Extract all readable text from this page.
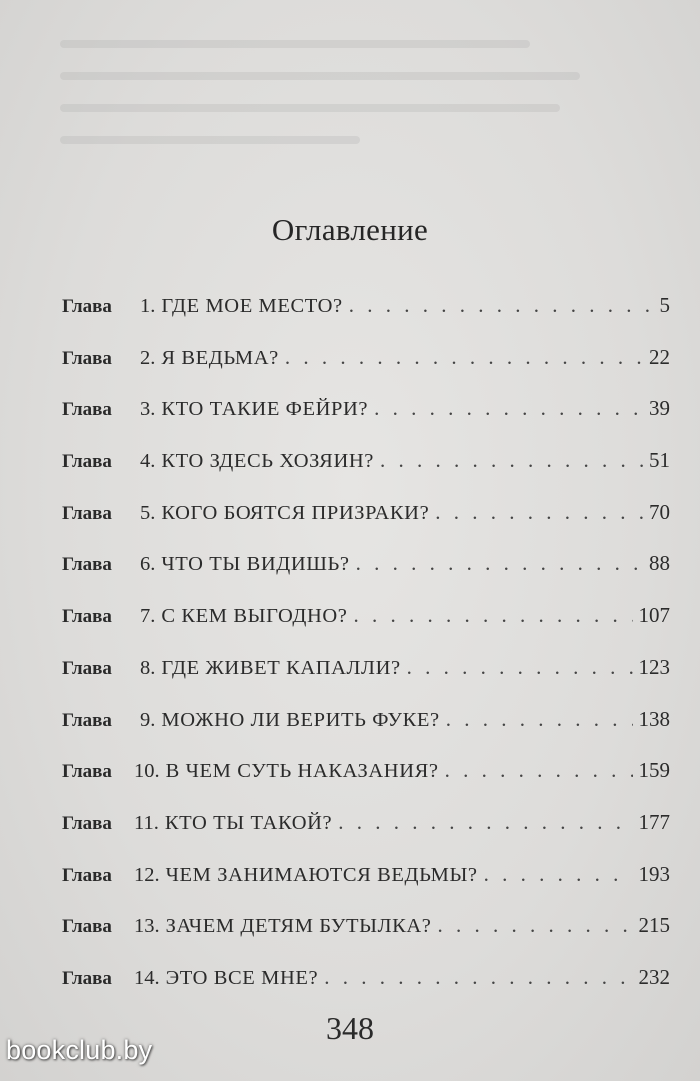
Оглавление
Глава	1. ГДЕ МОЕ МЕСТО? . . .	5
Глава	2. Я ВЕДЬМА? . . .	22
Глава	3. КТО ТАКИЕ ФЕЙРИ? . . .	39
Глава	4. КТО ЗДЕСЬ ХОЗЯИН? . . .	51
Глава	5. КОГО БОЯТСЯ ПРИЗРАКИ? . . .	70
Глава	6. ЧТО ТЫ ВИДИШЬ? . . .	88
Глава	7. С КЕМ ВЫГОДНО? . . .	107
Глава	8. ГДЕ ЖИВЕТ КАПАЛЛИ? . . .	123
Глава	9. МОЖНО ЛИ ВЕРИТЬ ФУКЕ? . . .	138
Глава	10. В ЧЕМ СУТЬ НАКАЗАНИЯ? . . .	159
Глава	11. КТО ТЫ ТАКОЙ? . . .	177
Глава	12. ЧЕМ ЗАНИМАЮТСЯ ВЕДЬМЫ? . . .	193
Глава	13. ЗАЧЕМ ДЕТЯМ БУТЫЛКА? . . .	215
Глава	14. ЭТО ВСЕ МНЕ? . . .	232
348
bookclub.by
